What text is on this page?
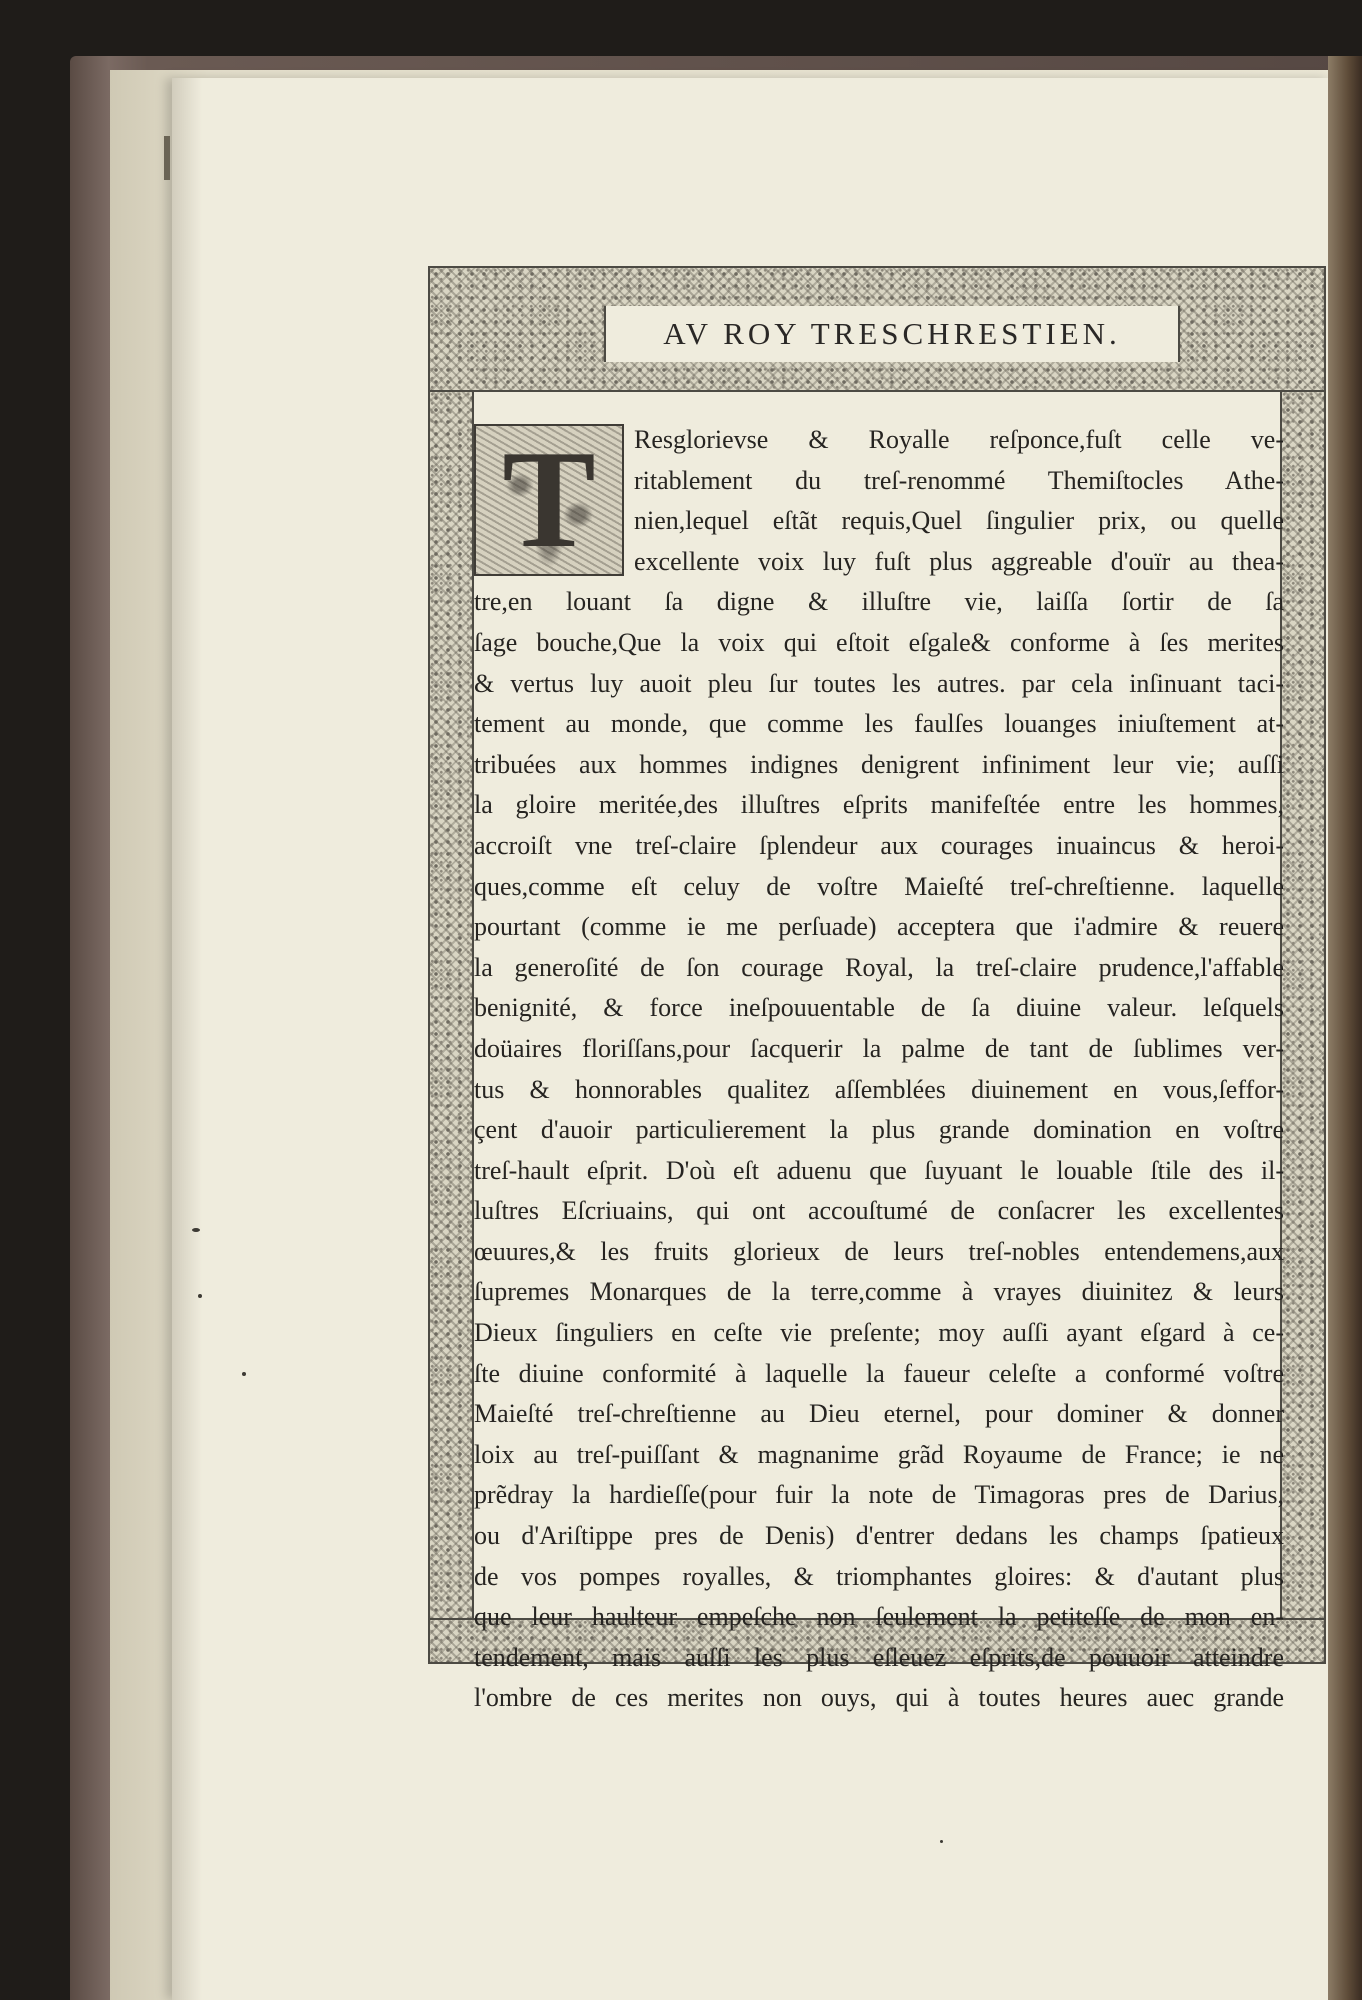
AV ROY TRESCHRESTIEN.
T	Resglorievse & Royalle reſponce,fuſt celle ve-
ritablement du treſ-renommé Themiſtocles Athe-
nien,lequel eſtãt requis,Quel ſingulier prix, ou quelle
excellente voix luy fuſt plus aggreable d'ouïr au thea-
tre,en louant ſa digne & illuſtre vie, laiſſa ſortir de ſa
ſage bouche,Que la voix qui eſtoit eſgale& conforme à ſes merites
& vertus luy auoit pleu ſur toutes les autres. par cela inſinuant taci-
tement au monde, que comme les faulſes louanges iniuſtement at-
tribuées aux hommes indignes denigrent infiniment leur vie; auſſi
la gloire meritée,des illuſtres eſprits manifeſtée entre les hommes,
accroiſt vne treſ-claire ſplendeur aux courages inuaincus & heroi-
ques,comme eſt celuy de voſtre Maieſté treſ-chreſtienne. laquelle
pourtant (comme ie me perſuade) acceptera que i'admire & reuere
la generoſité de ſon courage Royal, la treſ-claire prudence,l'affable
benignité, & force ineſpouuentable de ſa diuine valeur. leſquels
doüaires floriſſans,pour ſacquerir la palme de tant de ſublimes ver-
tus & honnorables qualitez aſſemblées diuinement en vous,ſeffor-
çent d'auoir particulierement la plus grande domination en voſtre
treſ-hault eſprit. D'où eſt aduenu que ſuyuant le louable ſtile des il-
luſtres Eſcriuains, qui ont accouſtumé de conſacrer les excellentes
œuures,& les fruits glorieux de leurs treſ-nobles entendemens,aux
ſupremes Monarques de la terre,comme à vrayes diuinitez & leurs
Dieux ſinguliers en ceſte vie preſente; moy auſſi ayant eſgard à ce-
ſte diuine conformité à laquelle la faueur celeſte a conformé voſtre
Maieſté treſ-chreſtienne au Dieu eternel, pour dominer & donner
loix au treſ-puiſſant & magnanime grãd Royaume de France; ie ne
prẽdray la hardieſſe(pour fuir la note de Timagoras pres de Darius,
ou d'Ariſtippe pres de Denis) d'entrer dedans les champs ſpatieux
de vos pompes royalles, & triomphantes gloires: & d'autant plus
que leur haulteur empeſche non ſeulement la petiteſſe de mon en-
tendement, mais auſſi les plus eſleuez eſprits,de pouuoir atteindre
l'ombre de ces merites non ouys, qui à toutes heures auec grande
